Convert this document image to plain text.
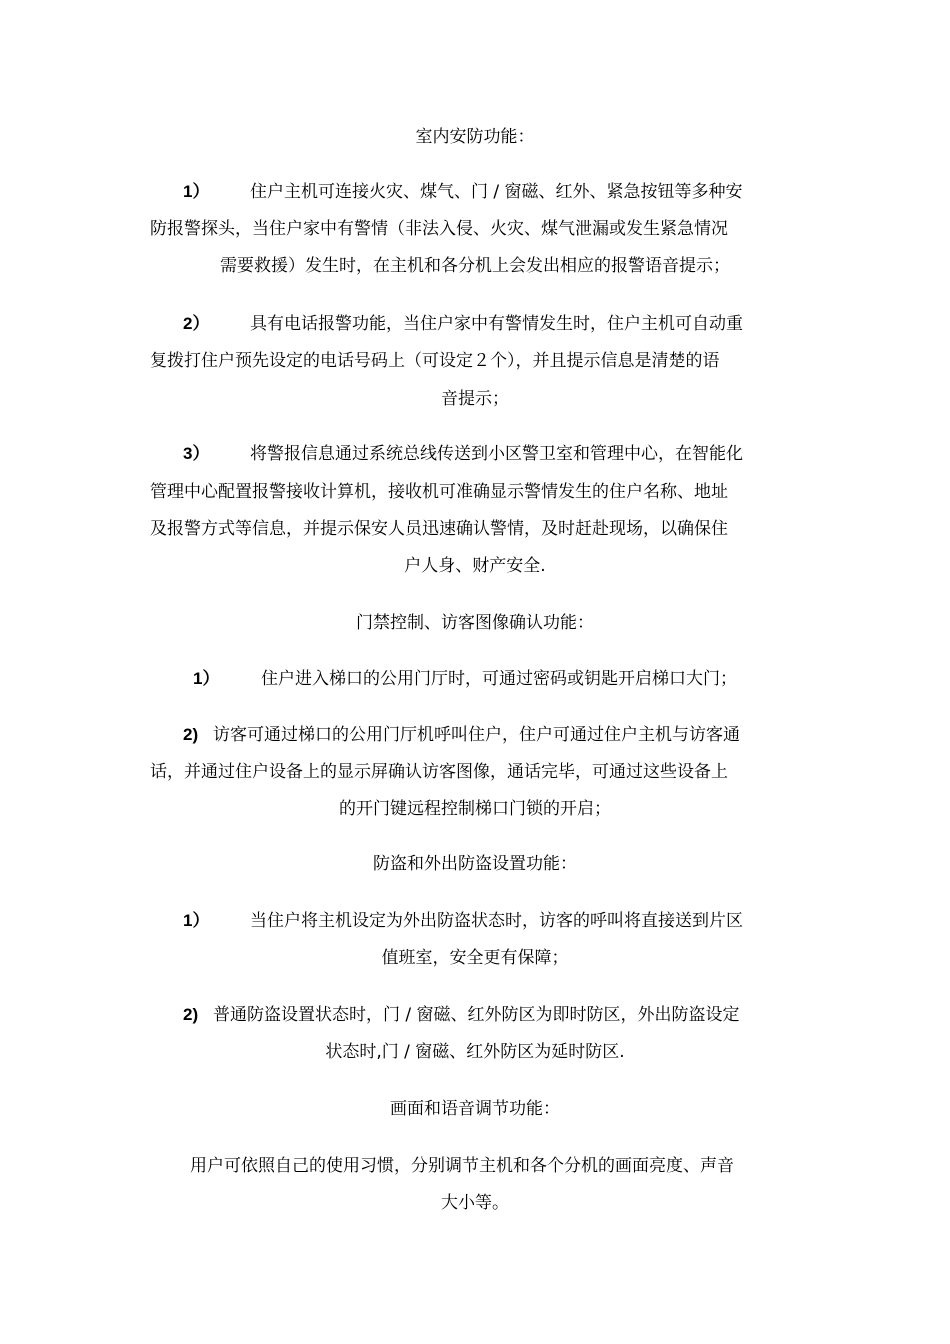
室内安防功能：
1） 住户主机可连接火灾、煤气、门 / 窗磁、红外、紧急按钮等多种安
防报警探头，当住户家中有警情（非法入侵、火灾、煤气泄漏或发生紧急情况
需要救援）发生时，在主机和各分机上会发出相应的报警语音提示；
2） 具有电话报警功能，当住户家中有警情发生时，住户主机可自动重
复拨打住户预先设定的电话号码上（可设定２个），并且提示信息是清楚的语
音提示；
3） 将警报信息通过系统总线传送到小区警卫室和管理中心，在智能化
管理中心配置报警接收计算机，接收机可准确显示警情发生的住户名称、地址
及报警方式等信息，并提示保安人员迅速确认警情，及时赶赴现场，以确保住
户人身、财产安全.
门禁控制、访客图像确认功能：
1） 住户进入梯口的公用门厅时，可通过密码或钥匙开启梯口大门；
2) 访客可通过梯口的公用门厅机呼叫住户，住户可通过住户主机与访客通
话，并通过住户设备上的显示屏确认访客图像，通话完毕，可通过这些设备上
的开门键远程控制梯口门锁的开启；
防盗和外出防盗设置功能：
1） 当住户将主机设定为外出防盗状态时，访客的呼叫将直接送到片区
值班室，安全更有保障；
2) 普通防盗设置状态时，门 / 窗磁、红外防区为即时防区，外出防盗设定
状态时,门 / 窗磁、红外防区为延时防区.
画面和语音调节功能：
用户可依照自己的使用习惯，分别调节主机和各个分机的画面亮度、声音
大小等。
